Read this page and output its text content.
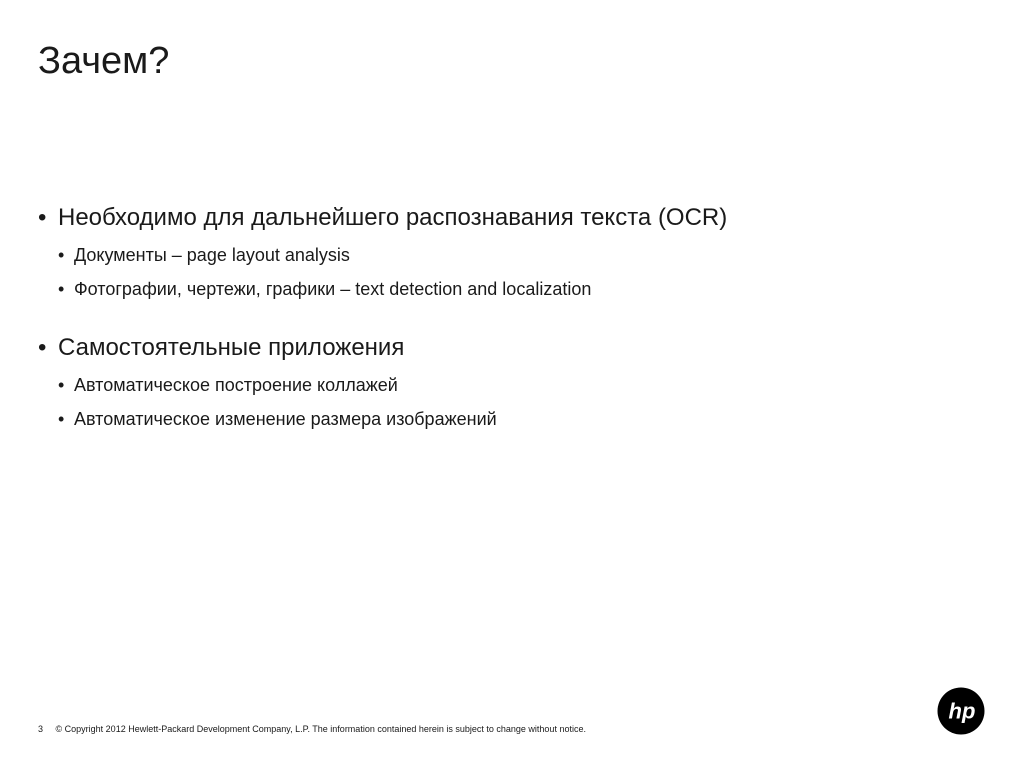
Зачем?
• Необходимо для дальнейшего распознавания текста (OCR)
• Документы – page layout analysis
• Фотографии, чертежи, графики – text detection and localization
• Самостоятельные приложения
• Автоматическое построение коллажей
• Автоматическое изменение размера изображений
3 © Copyright 2012 Hewlett-Packard Development Company, L.P. The information contained herein is subject to change without notice.
hp
